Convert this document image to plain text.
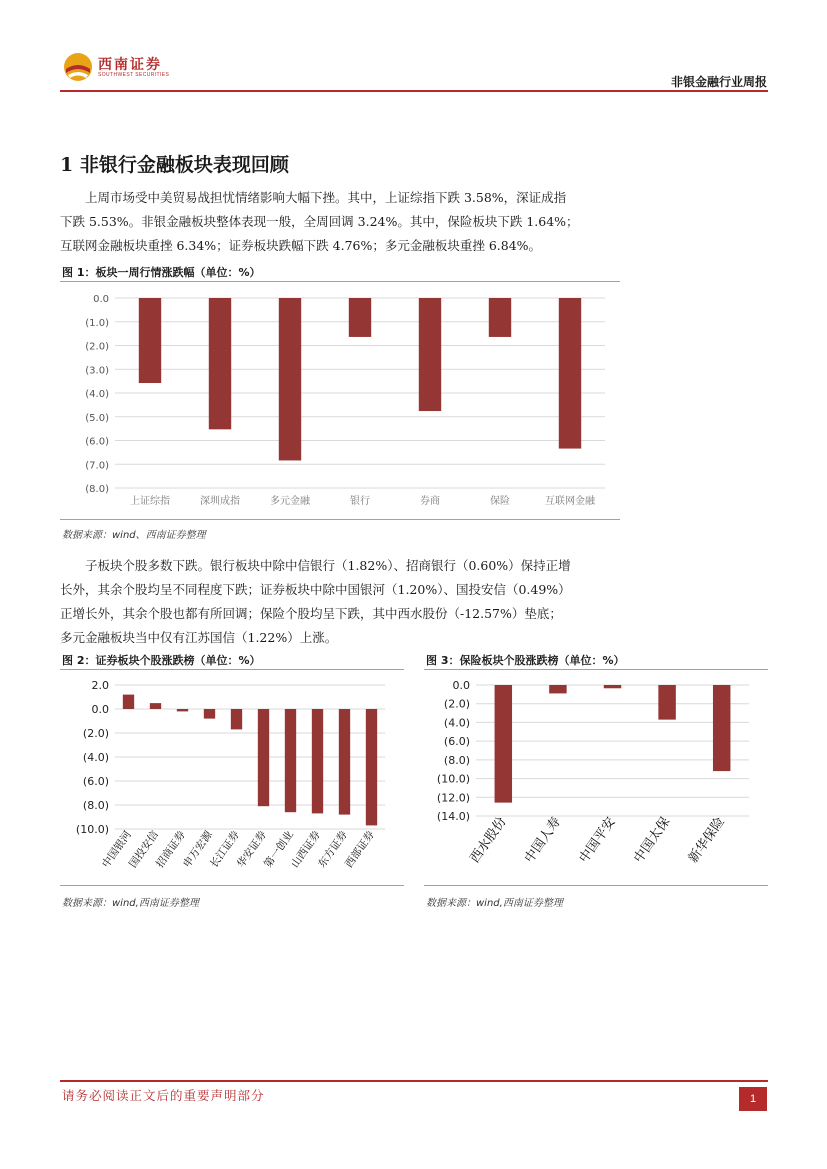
西南证券
SOUTHWEST SECURITIES	非银金融行业周报
1 非银行金融板块表现回顾

上周市场受中美贸易战担忧情绪影响大幅下挫。其中，上证综指下跌 3.58%，深证成指
下跌 5.53%。非银金融板块整体表现一般，全周回调 3.24%。其中，保险板块下跌 1.64%；
互联网金融板块重挫 6.34%；证券板块跌幅下跌 4.76%；多元金融板块重挫 6.84%。

图 1：板块一周行情涨跌幅（单位：%）
0.0
(1.0)
(2.0)
(3.0)
(4.0)
(5.0)
(6.0)
(7.0)
(8.0)
上证综指	深圳成指	多元金融	银行	券商	保险	互联网金融
数据来源：wind、西南证券整理

子板块个股多数下跌。银行板块中除中信银行（1.82%）、招商银行（0.60%）保持正增
长外，其余个股均呈不同程度下跌；证券板块中除中国银河（1.20%）、国投安信（0.49%）
正增长外，其余个股也都有所回调；保险个股均呈下跌，其中西水股份（-12.57%）垫底；
多元金融板块当中仅有江苏国信（1.22%）上涨。

图 2：证券板块个股涨跌榜（单位：%）
2.0
0.0
(2.0)
(4.0)
(6.0)
(8.0)
(10.0)
中国银河
国投安信
招商证券
申万宏源
长江证券
华安证券
第一创业
山西证券
东方证券
西部证券
数据来源：wind,西南证券整理
图 3：保险板块个股涨跌榜（单位：%）
0.0
(2.0)
(4.0)
(6.0)
(8.0)
(10.0)
(12.0)
(14.0)
西水股份 中国人寿 中国平安 中国太保 新华保险
数据来源：wind,西南证券整理
请务必阅读正文后的重要声明部分	1
